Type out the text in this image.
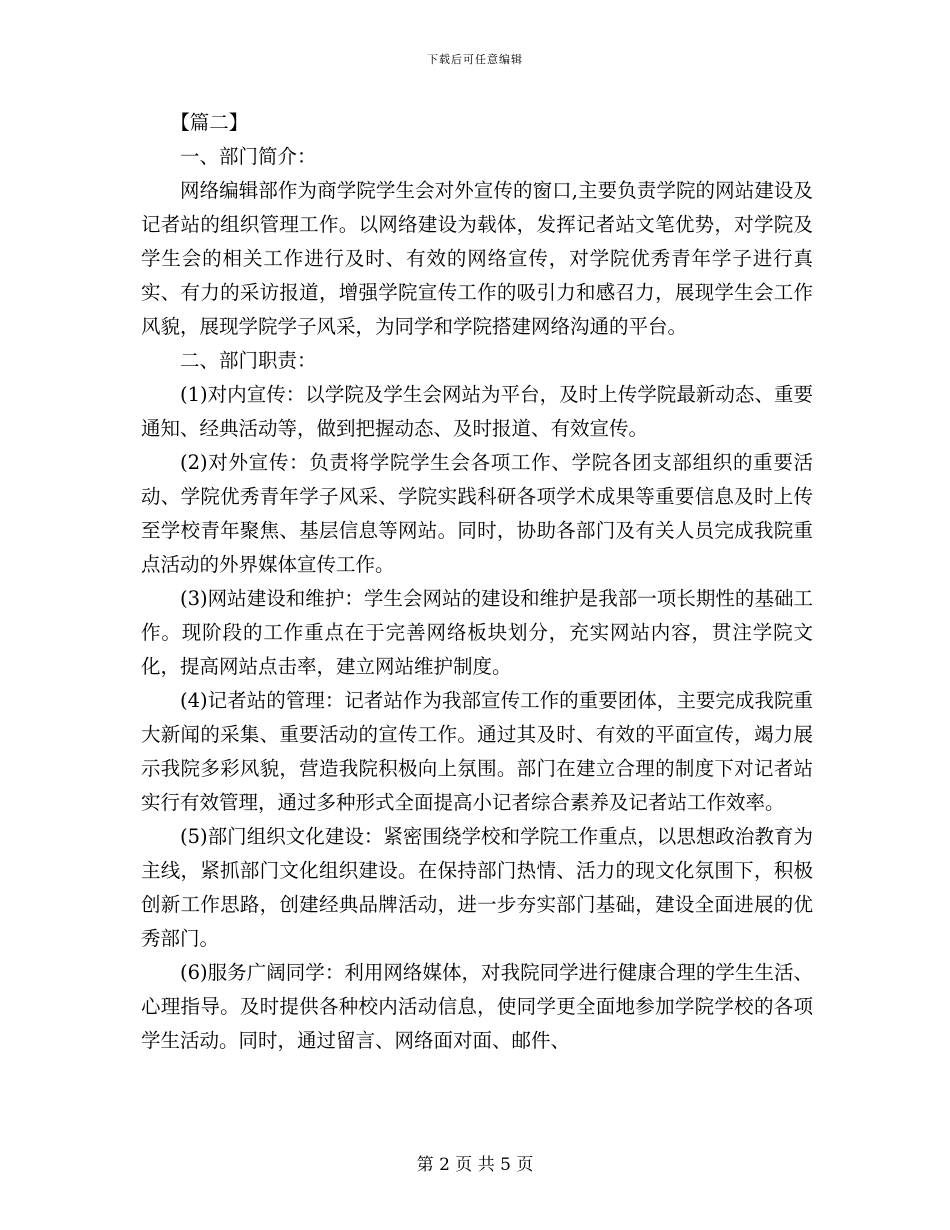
下载后可任意编辑

【篇二】

一、部门简介：

网络编辑部作为商学院学生会对外宣传的窗口,主要负责学院的网站建设及记者站的组织管理工作。以网络建设为载体，发挥记者站文笔优势，对学院及学生会的相关工作进行及时、有效的网络宣传，对学院优秀青年学子进行真实、有力的采访报道，增强学院宣传工作的吸引力和感召力，展现学生会工作风貌，展现学院学子风采，为同学和学院搭建网络沟通的平台。

二、部门职责：

(1)对内宣传：以学院及学生会网站为平台，及时上传学院最新动态、重要通知、经典活动等，做到把握动态、及时报道、有效宣传。

(2)对外宣传：负责将学院学生会各项工作、学院各团支部组织的重要活动、学院优秀青年学子风采、学院实践科研各项学术成果等重要信息及时上传至学校青年聚焦、基层信息等网站。同时，协助各部门及有关人员完成我院重点活动的外界媒体宣传工作。

(3)网站建设和维护：学生会网站的建设和维护是我部一项长期性的基础工作。现阶段的工作重点在于完善网络板块划分，充实网站内容，贯注学院文化，提高网站点击率，建立网站维护制度。

(4)记者站的管理：记者站作为我部宣传工作的重要团体，主要完成我院重大新闻的采集、重要活动的宣传工作。通过其及时、有效的平面宣传，竭力展示我院多彩风貌，营造我院积极向上氛围。部门在建立合理的制度下对记者站实行有效管理，通过多种形式全面提高小记者综合素养及记者站工作效率。

(5)部门组织文化建设：紧密围绕学校和学院工作重点，以思想政治教育为主线，紧抓部门文化组织建设。在保持部门热情、活力的现文化氛围下，积极创新工作思路，创建经典品牌活动，进一步夯实部门基础，建设全面进展的优秀部门。

(6)服务广阔同学：利用网络媒体，对我院同学进行健康合理的学生生活、心理指导。及时提供各种校内活动信息，使同学更全面地参加学院学校的各项学生活动。同时，通过留言、网络面对面、邮件、

第 2 页 共 5 页
